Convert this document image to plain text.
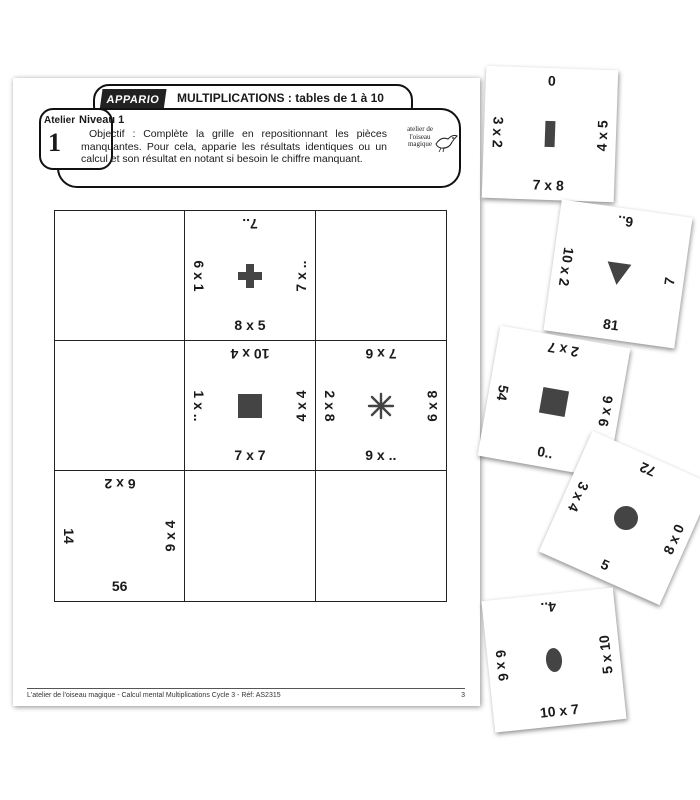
APPARIO	MULTIPLICATIONS : tables de 1 à 10
Atelier
1
Niveau 1
Objectif : Complète la grille en repositionnant les pièces manquantes. Pour cela, apparie les résultats identiques ou un calcul et son résultat en notant si besoin le chiffre manquant.
atelier de l'oiseau magique
7..
6 x 1	7 x ..
8 x 5
10 x 4
1 x ..	4 x 4
7 x 7
7 x 6
2 x 8	6 x 8
9 x ..
6 x 2
14	9 x 4
56
L'atelier de l'oiseau magique - Calcul mental Multiplications Cycle 3 - Réf: AS2315	3
0
3 x 2	4 x 5
7 x 8
6..
10 x 2	7
81
2 x 7
54
9 x 6
0..
72
3 x 4
8 x 0
5
4..
6 x 6	5 x 10
10 x 7
